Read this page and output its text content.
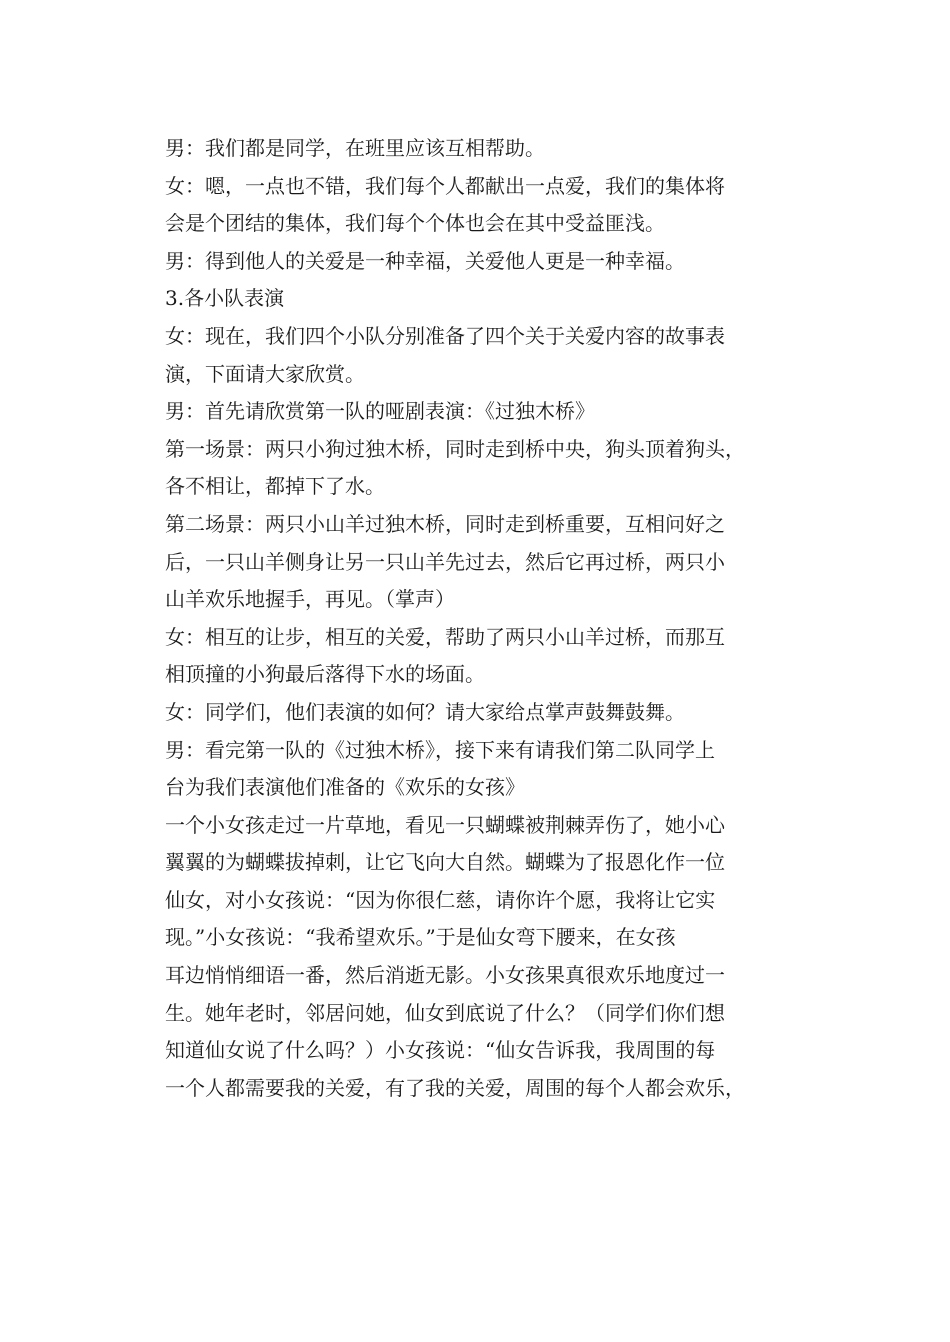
男：我们都是同学，在班里应该互相帮助。
女：嗯，一点也不错，我们每个人都献出一点爱，我们的集体将
会是个团结的集体，我们每个个体也会在其中受益匪浅。
男：得到他人的关爱是一种幸福，关爱他人更是一种幸福。
3.各小队表演
女：现在，我们四个小队分别准备了四个关于关爱内容的故事表
演，下面请大家欣赏。
男：首先请欣赏第一队的哑剧表演：《过独木桥》
第一场景：两只小狗过独木桥，同时走到桥中央，狗头顶着狗头，
各不相让，都掉下了水。
第二场景：两只小山羊过独木桥，同时走到桥重要，互相问好之
后，一只山羊侧身让另一只山羊先过去，然后它再过桥，两只小
山羊欢乐地握手，再见。（掌声）
女：相互的让步，相互的关爱，帮助了两只小山羊过桥，而那互
相顶撞的小狗最后落得下水的场面。
女：同学们，他们表演的如何？请大家给点掌声鼓舞鼓舞。
男：看完第一队的《过独木桥》，接下来有请我们第二队同学上
台为我们表演他们准备的《欢乐的女孩》
一个小女孩走过一片草地，看见一只蝴蝶被荆棘弄伤了，她小心
翼翼的为蝴蝶拔掉刺，让它飞向大自然。蝴蝶为了报恩化作一位
仙女，对小女孩说：“因为你很仁慈，请你许个愿，我将让它实
现。”小女孩说：“我希望欢乐。”于是仙女弯下腰来，在女孩
耳边悄悄细语一番，然后消逝无影。小女孩果真很欢乐地度过一
生。她年老时，邻居问她，仙女到底说了什么？（同学们你们想
知道仙女说了什么吗？）小女孩说：“仙女告诉我，我周围的每
一个人都需要我的关爱，有了我的关爱，周围的每个人都会欢乐，
